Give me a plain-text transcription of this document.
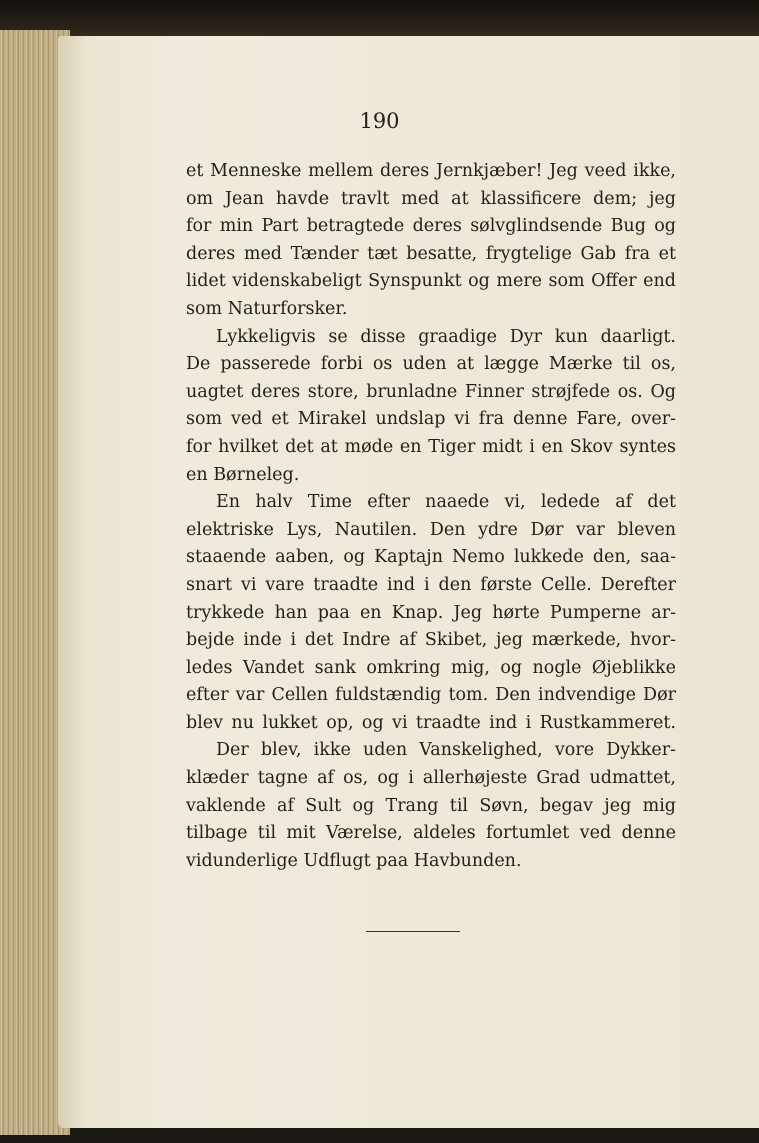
190

et Menneske mellem deres Jernkjæber! Jeg veed ikke,
om Jean havde travlt med at klassificere dem; jeg
for min Part betragtede deres sølvglindsende Bug og
deres med Tænder tæt besatte, frygtelige Gab fra et
lidet videnskabeligt Synspunkt og mere som Offer end
som Naturforsker.
Lykkeligvis se disse graadige Dyr kun daarligt.
De passerede forbi os uden at lægge Mærke til os,
uagtet deres store, brunladne Finner strøjfede os. Og
som ved et Mirakel undslap vi fra denne Fare, over-
for hvilket det at møde en Tiger midt i en Skov syntes
en Børneleg.
En halv Time efter naaede vi, ledede af det
elektriske Lys, Nautilen. Den ydre Dør var bleven
staaende aaben, og Kaptajn Nemo lukkede den, saa-
snart vi vare traadte ind i den første Celle. Derefter
trykkede han paa en Knap. Jeg hørte Pumperne ar-
bejde inde i det Indre af Skibet, jeg mærkede, hvor-
ledes Vandet sank omkring mig, og nogle Øjeblikke
efter var Cellen fuldstændig tom. Den indvendige Dør
blev nu lukket op, og vi traadte ind i Rustkammeret.
Der blev, ikke uden Vanskelighed, vore Dykker-
klæder tagne af os, og i allerhøjeste Grad udmattet,
vaklende af Sult og Trang til Søvn, begav jeg mig
tilbage til mit Værelse, aldeles fortumlet ved denne
vidunderlige Udflugt paa Havbunden.
